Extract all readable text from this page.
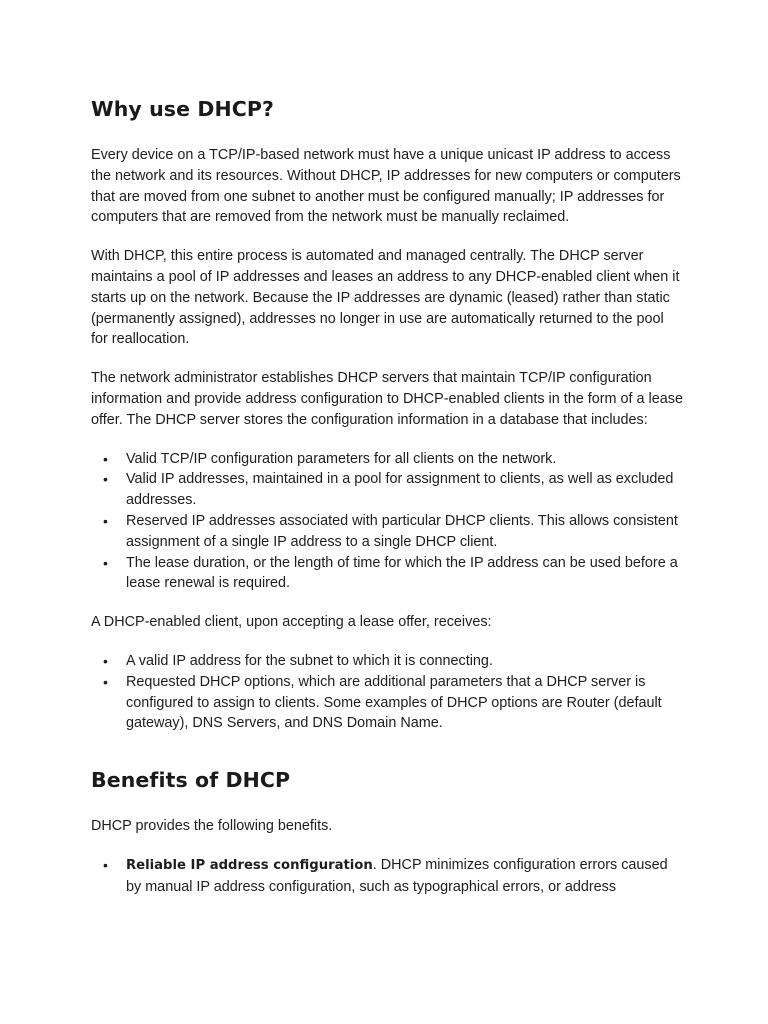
Why use DHCP?

Every device on a TCP/IP-based network must have a unique unicast IP address to access the network and its resources. Without DHCP, IP addresses for new computers or computers that are moved from one subnet to another must be configured manually; IP addresses for computers that are removed from the network must be manually reclaimed.

With DHCP, this entire process is automated and managed centrally. The DHCP server maintains a pool of IP addresses and leases an address to any DHCP-enabled client when it starts up on the network. Because the IP addresses are dynamic (leased) rather than static (permanently assigned), addresses no longer in use are automatically returned to the pool for reallocation.

The network administrator establishes DHCP servers that maintain TCP/IP configuration information and provide address configuration to DHCP-enabled clients in the form of a lease offer. The DHCP server stores the configuration information in a database that includes:

• Valid TCP/IP configuration parameters for all clients on the network.
• Valid IP addresses, maintained in a pool for assignment to clients, as well as excluded addresses.
• Reserved IP addresses associated with particular DHCP clients. This allows consistent assignment of a single IP address to a single DHCP client.
• The lease duration, or the length of time for which the IP address can be used before a lease renewal is required.

A DHCP-enabled client, upon accepting a lease offer, receives:

• A valid IP address for the subnet to which it is connecting.
• Requested DHCP options, which are additional parameters that a DHCP server is configured to assign to clients. Some examples of DHCP options are Router (default gateway), DNS Servers, and DNS Domain Name.
Benefits of DHCP

DHCP provides the following benefits.

• Reliable IP address configuration. DHCP minimizes configuration errors caused by manual IP address configuration, such as typographical errors, or address
